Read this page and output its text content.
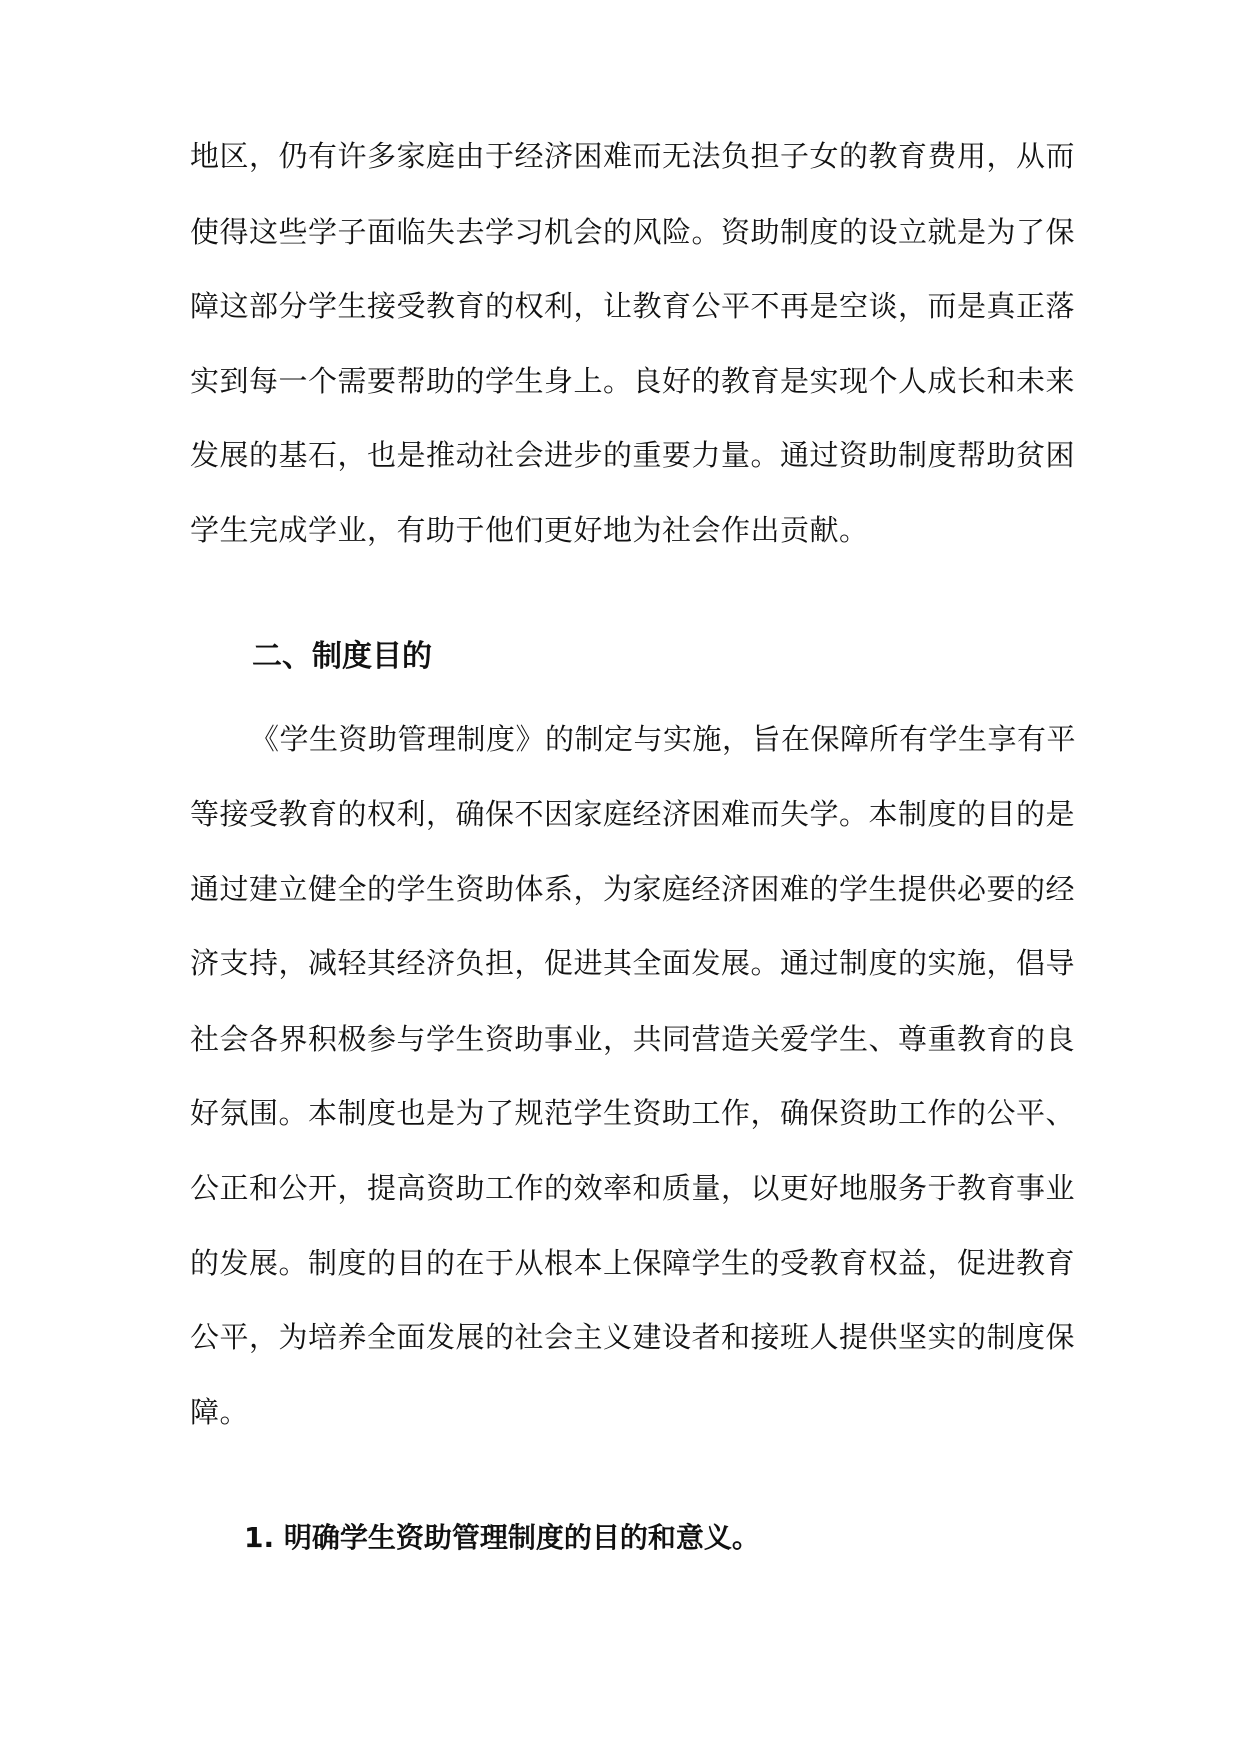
地区，仍有许多家庭由于经济困难而无法负担子女的教育费用，从而
使得这些学子面临失去学习机会的风险。资助制度的设立就是为了保
障这部分学生接受教育的权利，让教育公平不再是空谈，而是真正落
实到每一个需要帮助的学生身上。良好的教育是实现个人成长和未来
发展的基石，也是推动社会进步的重要力量。通过资助制度帮助贫困
学生完成学业，有助于他们更好地为社会作出贡献。
二、制度目的
《学生资助管理制度》的制定与实施，旨在保障所有学生享有平
等接受教育的权利，确保不因家庭经济困难而失学。本制度的目的是
通过建立健全的学生资助体系，为家庭经济困难的学生提供必要的经
济支持，减轻其经济负担，促进其全面发展。通过制度的实施，倡导
社会各界积极参与学生资助事业，共同营造关爱学生、尊重教育的良
好氛围。本制度也是为了规范学生资助工作，确保资助工作的公平、
公正和公开，提高资助工作的效率和质量，以更好地服务于教育事业
的发展。制度的目的在于从根本上保障学生的受教育权益，促进教育
公平，为培养全面发展的社会主义建设者和接班人提供坚实的制度保
障。
1. 明确学生资助管理制度的目的和意义。
